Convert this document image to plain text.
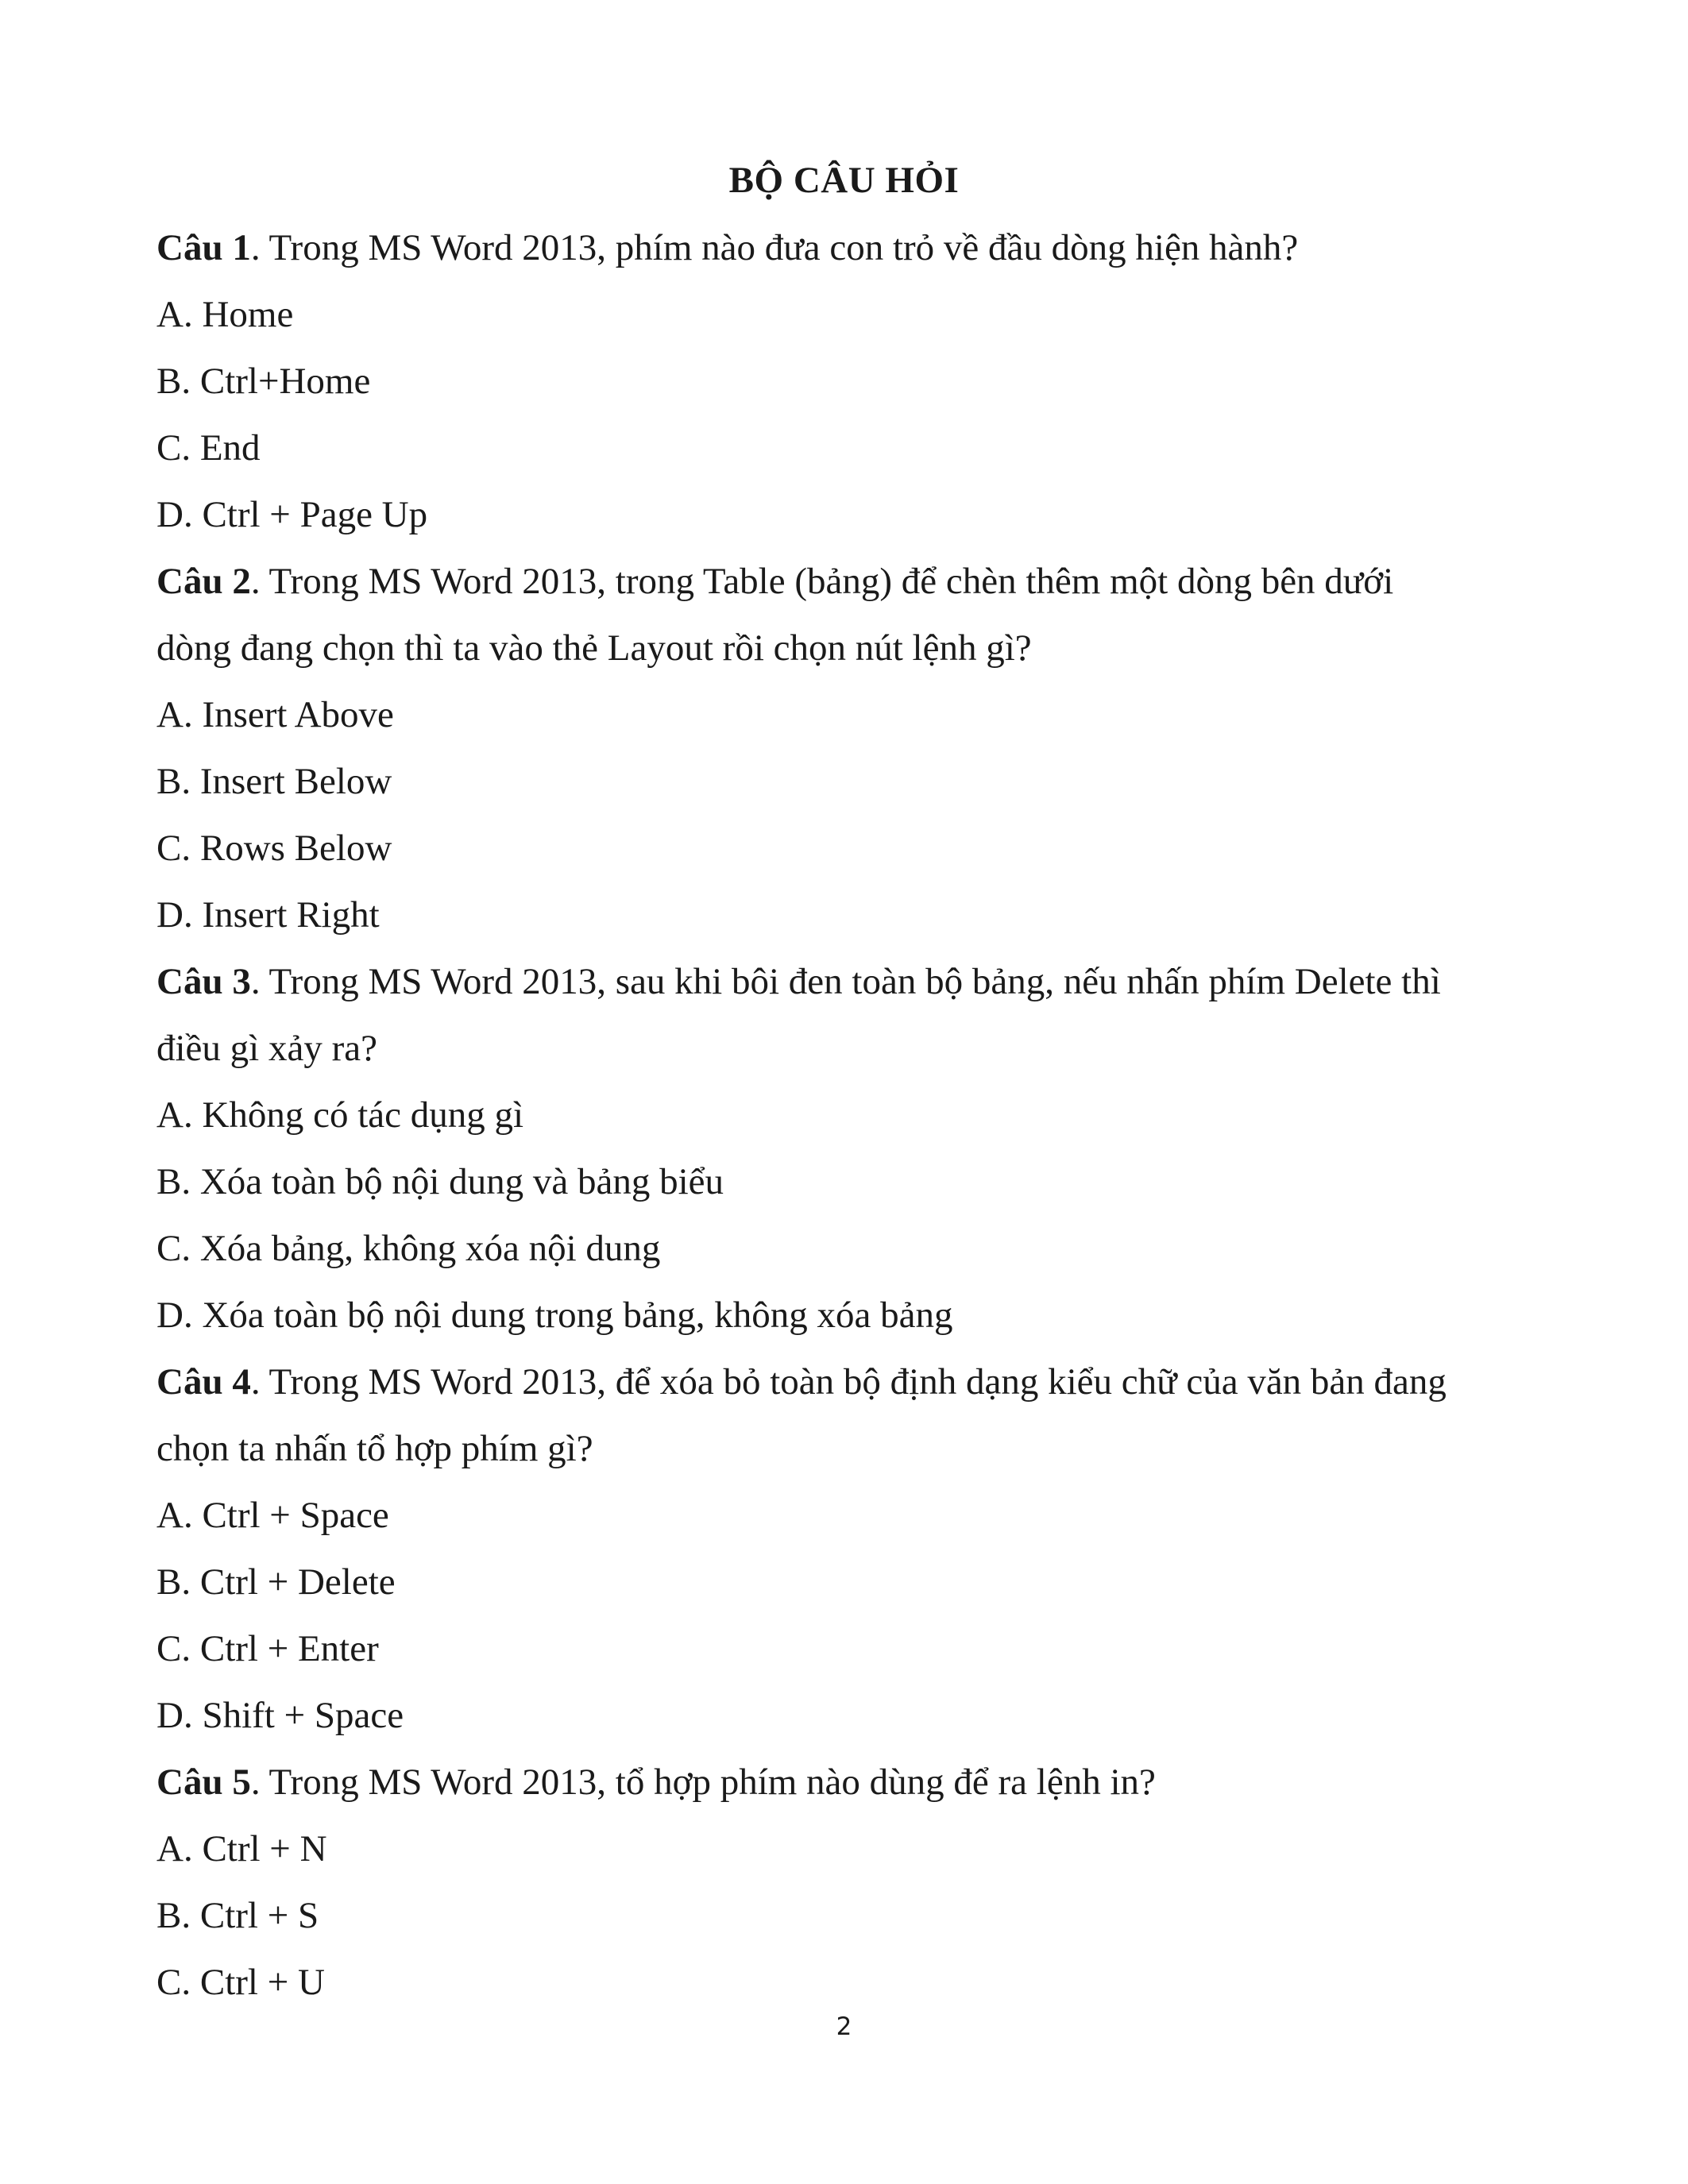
BỘ CÂU HỎI
Câu 1. Trong MS Word 2013, phím nào đưa con trỏ về đầu dòng hiện hành?
A. Home
B. Ctrl+Home
C. End
D. Ctrl + Page Up
Câu 2. Trong MS Word 2013, trong Table (bảng) để chèn thêm một dòng bên dưới
dòng đang chọn thì ta vào thẻ Layout rồi chọn nút lệnh gì?
A. Insert Above
B. Insert Below
C. Rows Below
D. Insert Right
Câu 3. Trong MS Word 2013, sau khi bôi đen toàn bộ bảng, nếu nhấn phím Delete thì
điều gì xảy ra?
A. Không có tác dụng gì
B. Xóa toàn bộ nội dung và bảng biểu
C. Xóa bảng, không xóa nội dung
D. Xóa toàn bộ nội dung trong bảng, không xóa bảng
Câu 4. Trong MS Word 2013, để xóa bỏ toàn bộ định dạng kiểu chữ của văn bản đang
chọn ta nhấn tổ hợp phím gì?
A. Ctrl + Space
B. Ctrl + Delete
C. Ctrl + Enter
D. Shift + Space
Câu 5. Trong MS Word 2013, tổ hợp phím nào dùng để ra lệnh in?
A. Ctrl + N
B. Ctrl + S
C. Ctrl + U
2
